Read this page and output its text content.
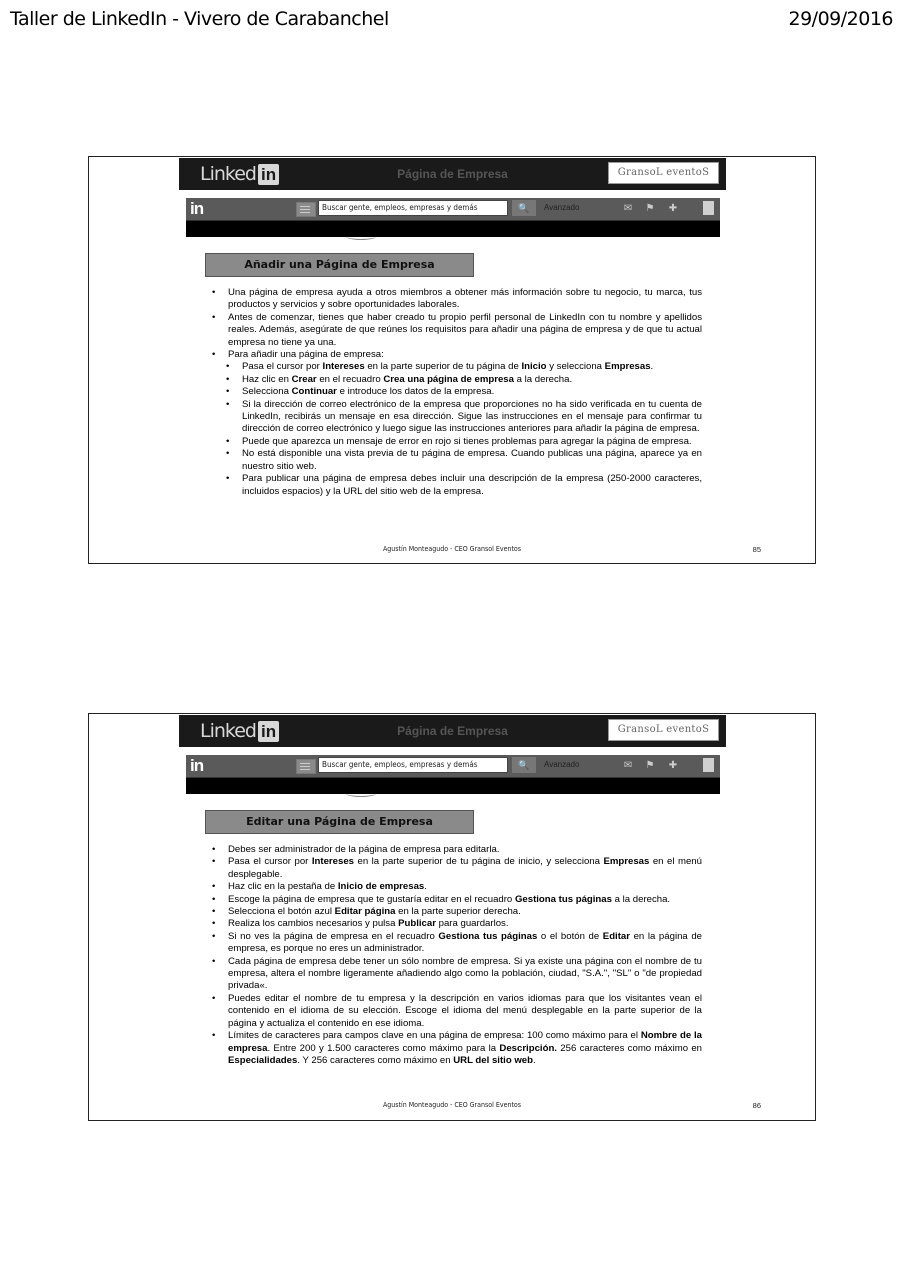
Taller de LinkedIn - Vivero de Carabanchel	29/09/2016
Linked in	Página de Empresa	GransoL eventoS
in	Buscar gente, empleos, empresas y demás	🔍	Avanzado	✉ ⚑ ✚
Añadir una Página de Empresa
• Una página de empresa ayuda a otros miembros a obtener más información sobre tu negocio, tu marca, tus productos y servicios y sobre oportunidades laborales.
• Antes de comenzar, tienes que haber creado tu propio perfil personal de LinkedIn con tu nombre y apellidos reales. Además, asegúrate de que reúnes los requisitos para añadir una página de empresa y de que tu actual empresa no tiene ya una.
• Para añadir una página de empresa:
• Pasa el cursor por Intereses en la parte superior de tu página de Inicio y selecciona Empresas.
• Haz clic en Crear en el recuadro Crea una página de empresa a la derecha.
• Selecciona Continuar e introduce los datos de la empresa.
• Si la dirección de correo electrónico de la empresa que proporciones no ha sido verificada en tu cuenta de LinkedIn, recibirás un mensaje en esa dirección. Sigue las instrucciones en el mensaje para confirmar tu dirección de correo electrónico y luego sigue las instrucciones anteriores para añadir la página de empresa.
• Puede que aparezca un mensaje de error en rojo si tienes problemas para agregar la página de empresa.
• No está disponible una vista previa de tu página de empresa. Cuando publicas una página, aparece ya en nuestro sitio web.
• Para publicar una página de empresa debes incluir una descripción de la empresa (250-2000 caracteres, incluidos espacios) y la URL del sitio web de la empresa.
Agustín Monteagudo - CEO Gransol Eventos	85
Linked in	Página de Empresa	GransoL eventoS
in	Buscar gente, empleos, empresas y demás	🔍	Avanzado	✉ ⚑ ✚
Editar una Página de Empresa
• Debes ser administrador de la página de empresa para editarla.
• Pasa el cursor por Intereses en la parte superior de tu página de inicio, y selecciona Empresas en el menú desplegable.
• Haz clic en la pestaña de Inicio de empresas.
• Escoge la página de empresa que te gustaría editar en el recuadro Gestiona tus páginas a la derecha.
• Selecciona el botón azul Editar página en la parte superior derecha.
• Realiza los cambios necesarios y pulsa Publicar para guardarlos.
• Si no ves la página de empresa en el recuadro Gestiona tus páginas o el botón de Editar en la página de empresa, es porque no eres un administrador.
• Cada página de empresa debe tener un sólo nombre de empresa. Si ya existe una página con el nombre de tu empresa, altera el nombre ligeramente añadiendo algo como la población, ciudad, "S.A.", "SL" o "de propiedad privada«.
• Puedes editar el nombre de tu empresa y la descripción en varios idiomas para que los visitantes vean el contenido en el idioma de su elección. Escoge el idioma del menú desplegable en la parte superior de la página y actualiza el contenido en ese idioma.
• Límites de caracteres para campos clave en una página de empresa: 100 como máximo para el Nombre de la empresa. Entre 200 y 1.500 caracteres como máximo para la Descripción. 256 caracteres como máximo en Especialidades. Y 256 caracteres como máximo en URL del sitio web.
Agustín Monteagudo - CEO Gransol Eventos	86
